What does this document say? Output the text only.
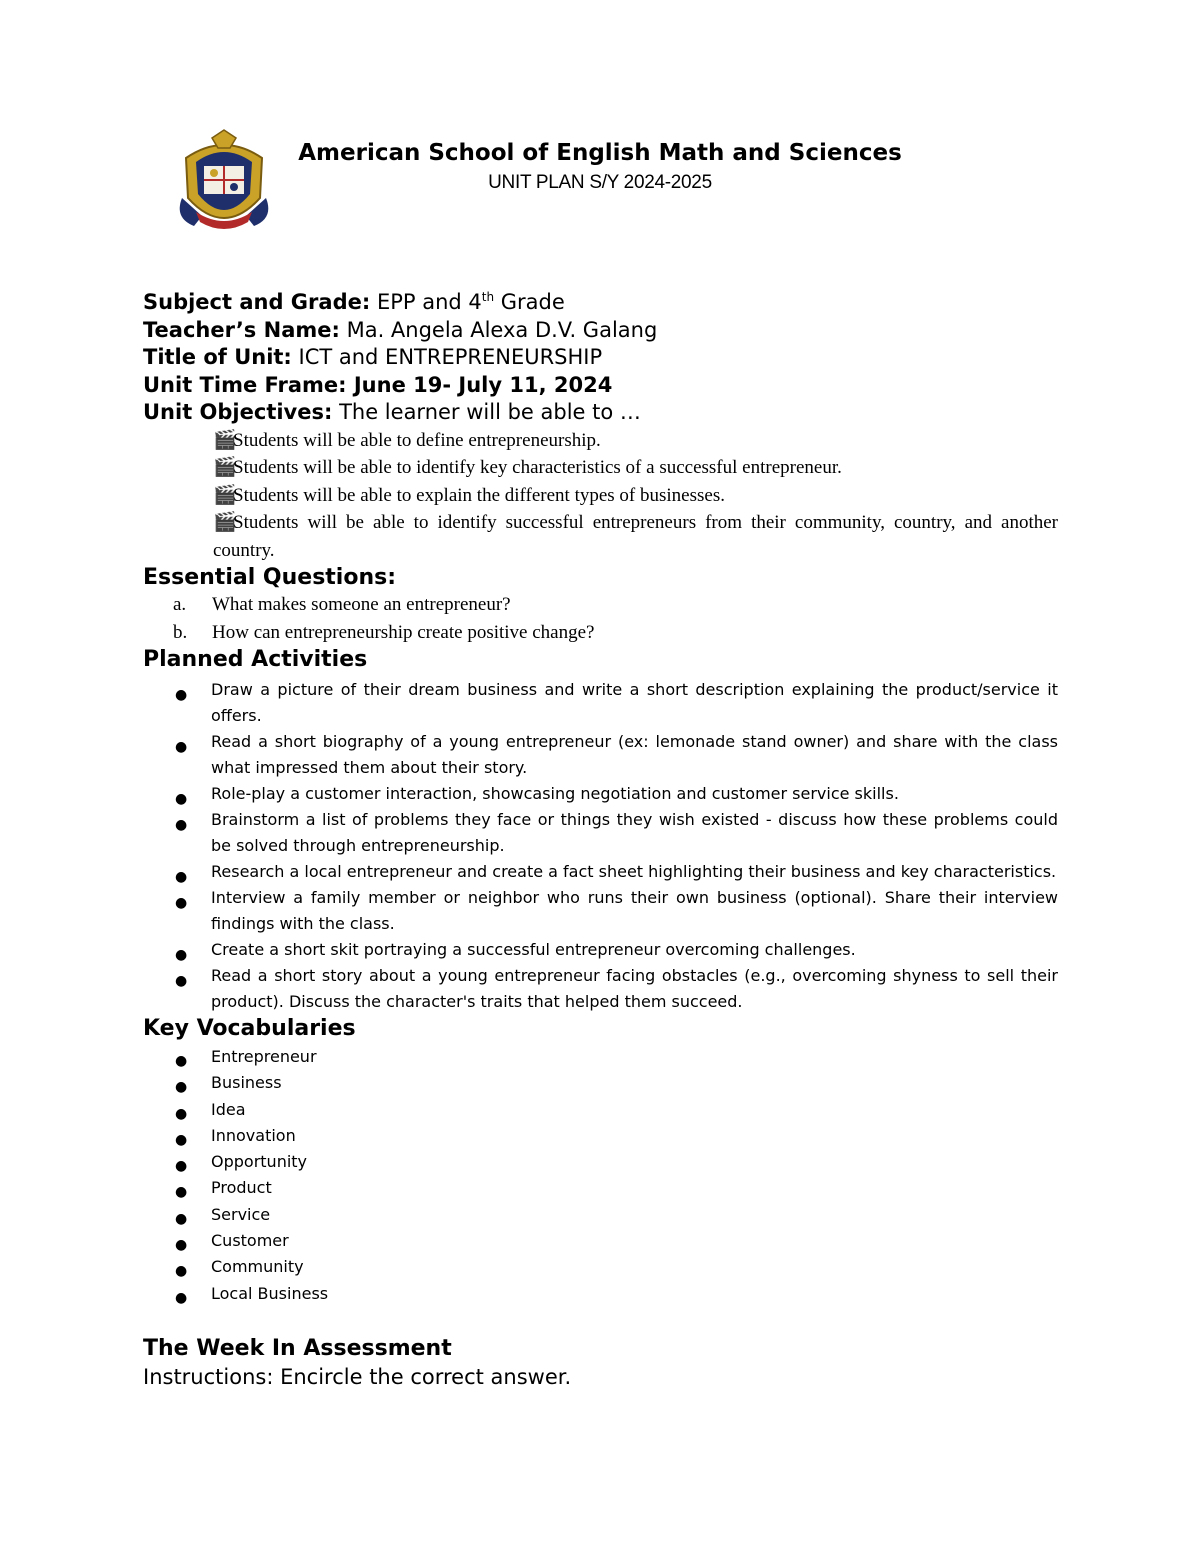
American School of English Math and Sciences
UNIT PLAN S/Y 2024-2025
Subject and Grade: EPP and 4th Grade
Teacher’s Name: Ma. Angela Alexa D.V. Galang
Title of Unit: ICT and ENTREPRENEURSHIP
Unit Time Frame: June 19- July 11, 2024
Unit Objectives: The learner will be able to …
🎬Students will be able to define entrepreneurship.
🎬Students will be able to identify key characteristics of a successful entrepreneur.
🎬Students will be able to explain the different types of businesses.
🎬Students will be able to identify successful entrepreneurs from their community, country, and another country.
Essential Questions:
a.	What makes someone an entrepreneur?
b.	How can entrepreneurship create positive change?
Planned Activities
● Draw a picture of their dream business and write a short description explaining the product/service it offers.
● Read a short biography of a young entrepreneur (ex: lemonade stand owner) and share with the class what impressed them about their story.
● Role-play a customer interaction, showcasing negotiation and customer service skills.
● Brainstorm a list of problems they face or things they wish existed - discuss how these problems could be solved through entrepreneurship.
● Research a local entrepreneur and create a fact sheet highlighting their business and key characteristics.
● Interview a family member or neighbor who runs their own business (optional). Share their interview findings with the class.
● Create a short skit portraying a successful entrepreneur overcoming challenges.
● Read a short story about a young entrepreneur facing obstacles (e.g., overcoming shyness to sell their product). Discuss the character's traits that helped them succeed.
Key Vocabularies
● Entrepreneur
● Business
● Idea
● Innovation
● Opportunity
● Product
● Service
● Customer
● Community
● Local Business
The Week In Assessment
Instructions: Encircle the correct answer.
